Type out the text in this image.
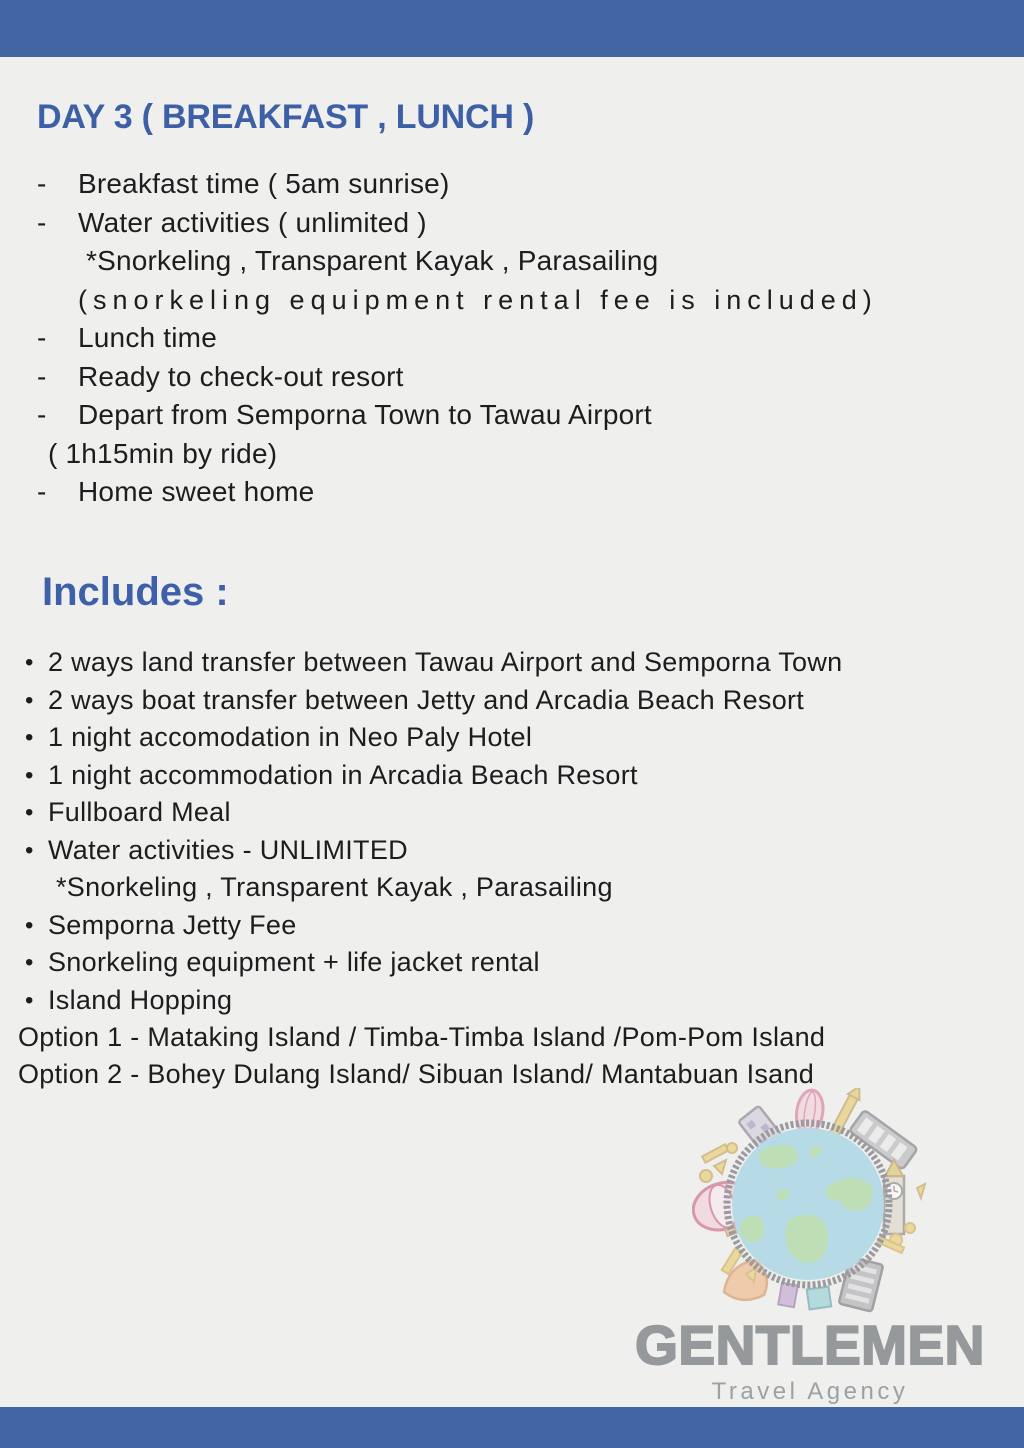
DAY 3 ( BREAKFAST , LUNCH )
-	Breakfast time ( 5am sunrise)
-	Water activities ( unlimited )
*Snorkeling , Transparent Kayak , Parasailing
(snorkeling equipment rental fee is included)
-	Lunch time
-	Ready to check-out resort
-	Depart from Semporna Town to Tawau Airport
( 1h15min by ride)
-	Home sweet home
Includes :
• 2 ways land transfer between Tawau Airport and Semporna Town
• 2 ways boat transfer between Jetty and Arcadia Beach Resort
• 1 night accomodation in Neo Paly Hotel
• 1 night accommodation in Arcadia Beach Resort
• Fullboard Meal
• Water activities - UNLIMITED
*Snorkeling , Transparent Kayak , Parasailing
• Semporna Jetty Fee
• Snorkeling equipment + life jacket rental
• Island Hopping
Option 1 - Mataking Island / Timba-Timba Island /Pom-Pom Island
Option 2 - Bohey Dulang Island/ Sibuan Island/ Mantabuan Isand
GENTLEMEN
Travel Agency
